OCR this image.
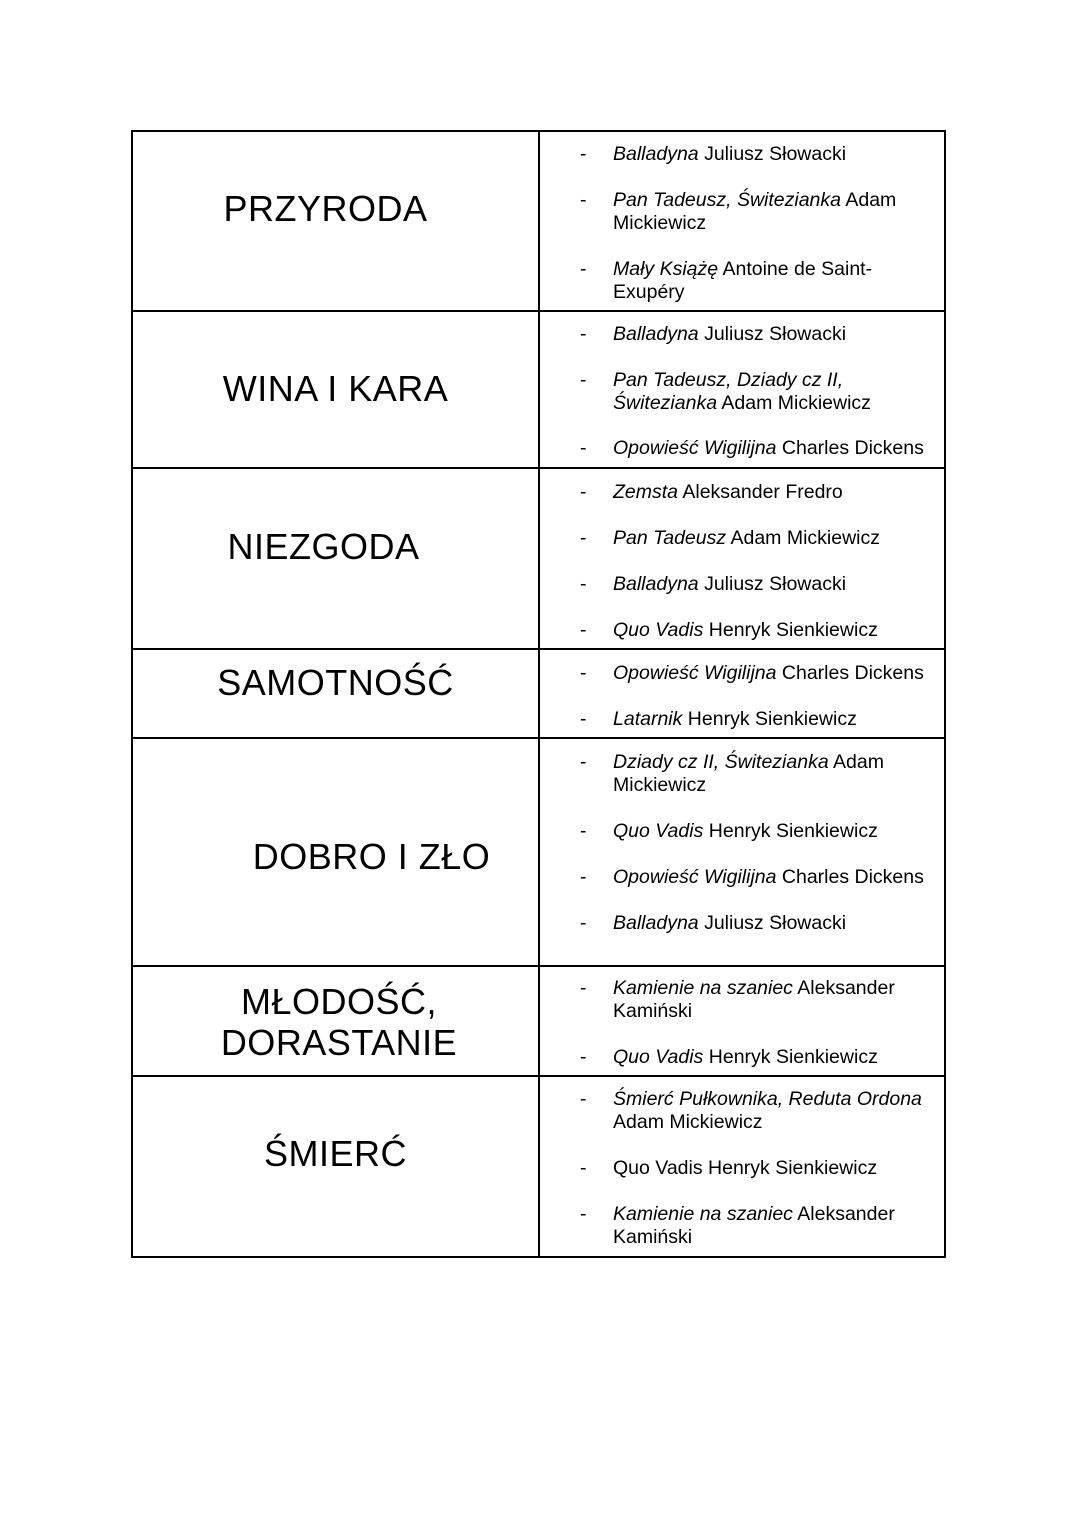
PRZYRODA

- Balladyna Juliusz Słowacki
- Pan Tadeusz, Świtezianka Adam
Mickiewicz
- Mały Książę Antoine de Saint-
Exupéry

WINA I KARA

- Balladyna Juliusz Słowacki
- Pan Tadeusz, Dziady cz II,
Świtezianka Adam Mickiewicz
- Opowieść Wigilijna Charles Dickens

NIEZGODA

- Zemsta Aleksander Fredro
- Pan Tadeusz Adam Mickiewicz
- Balladyna Juliusz Słowacki
- Quo Vadis Henryk Sienkiewicz

SAMOTNOŚĆ	- Opowieść Wigilijna Charles Dickens
- Latarnik Henryk Sienkiewicz

DOBRO I ZŁO

- Dziady cz II, Świtezianka Adam
Mickiewicz
- Quo Vadis Henryk Sienkiewicz
- Opowieść Wigilijna Charles Dickens
- Balladyna Juliusz Słowacki

MŁODOŚĆ, DORASTANIE

- Kamienie na szaniec Aleksander
Kamiński
- Quo Vadis Henryk Sienkiewicz

ŚMIERĆ

- Śmierć Pułkownika, Reduta Ordona
Adam Mickiewicz
- Quo Vadis Henryk Sienkiewicz
- Kamienie na szaniec Aleksander
Kamiński
